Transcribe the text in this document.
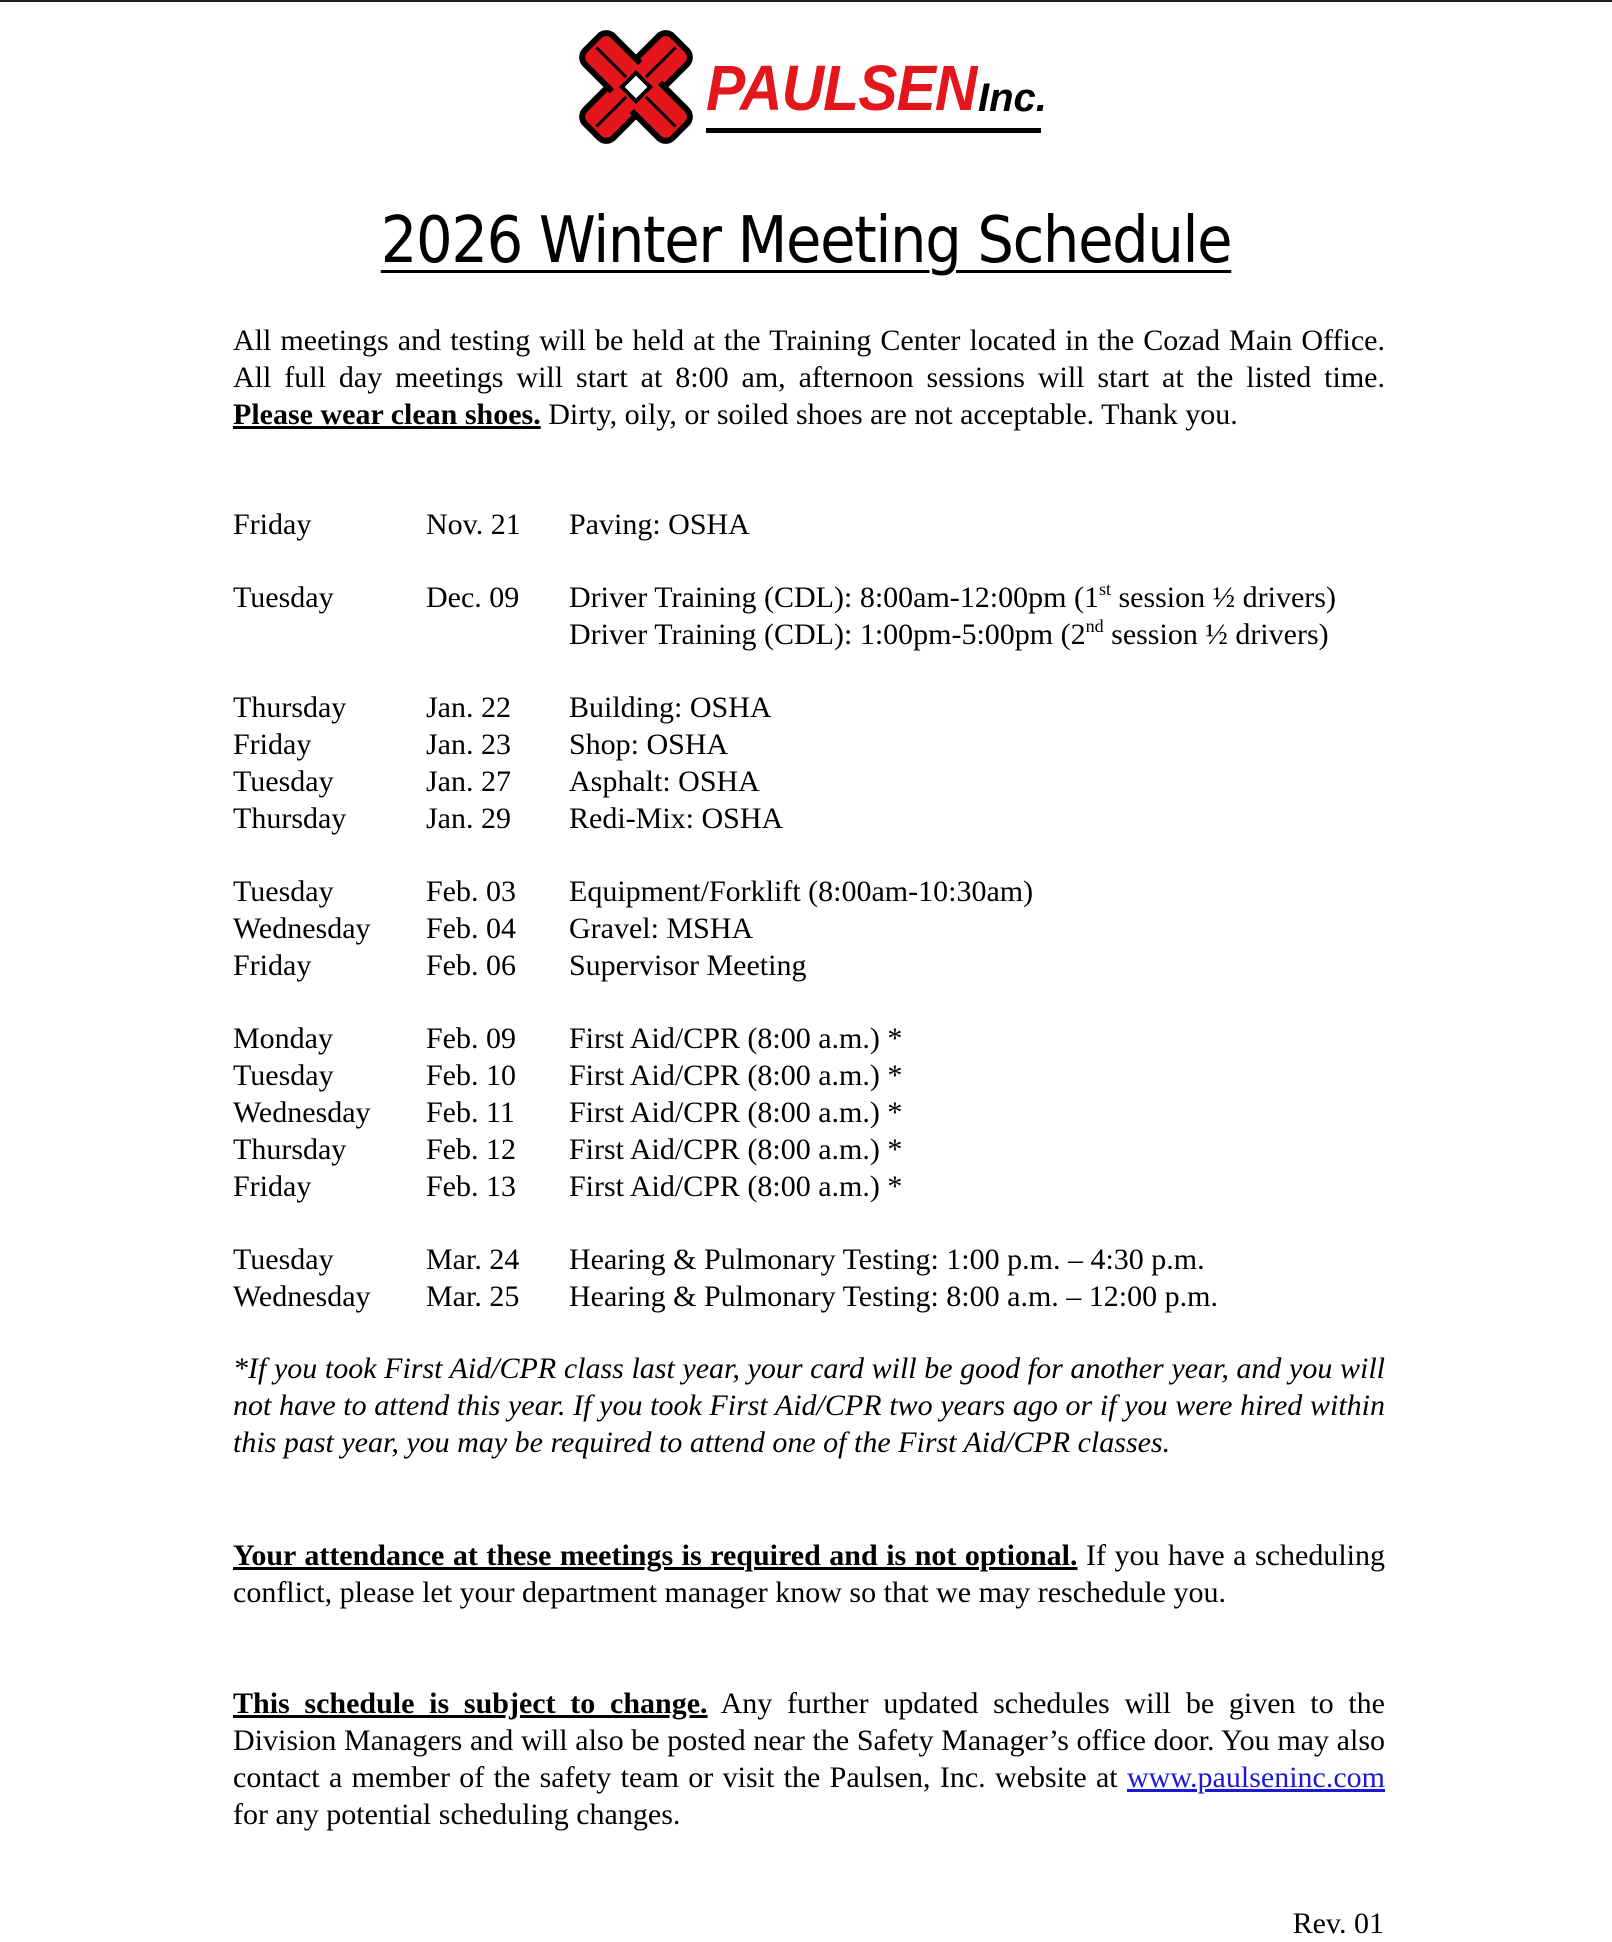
PAULSEN Inc.
2026 Winter Meeting Schedule

All meetings and testing will be held at the Training Center located in the Cozad Main Office. All full day meetings will start at 8:00 am, afternoon sessions will start at the listed time. Please wear clean shoes. Dirty, oily, or soiled shoes are not acceptable. Thank you.

Friday	Nov. 21	Paving: OSHA
Tuesday	Dec. 09	Driver Training (CDL): 8:00am-12:00pm (1st session ½ drivers)
Driver Training (CDL): 1:00pm-5:00pm (2nd session ½ drivers)
Thursday	Jan. 22	Building: OSHA
Friday	Jan. 23	Shop: OSHA
Tuesday	Jan. 27	Asphalt: OSHA
Thursday	Jan. 29	Redi-Mix: OSHA
Tuesday	Feb. 03	Equipment/Forklift (8:00am-10:30am)
Wednesday	Feb. 04	Gravel: MSHA
Friday	Feb. 06	Supervisor Meeting
Monday	Feb. 09	First Aid/CPR (8:00 a.m.) *
Tuesday	Feb. 10	First Aid/CPR (8:00 a.m.) *
Wednesday	Feb. 11	First Aid/CPR (8:00 a.m.) *
Thursday	Feb. 12	First Aid/CPR (8:00 a.m.) *
Friday	Feb. 13	First Aid/CPR (8:00 a.m.) *
Tuesday	Mar. 24	Hearing & Pulmonary Testing: 1:00 p.m. – 4:30 p.m.
Wednesday	Mar. 25	Hearing & Pulmonary Testing: 8:00 a.m. – 12:00 p.m.

*If you took First Aid/CPR class last year, your card will be good for another year, and you will not have to attend this year. If you took First Aid/CPR two years ago or if you were hired within this past year, you may be required to attend one of the First Aid/CPR classes.

Your attendance at these meetings is required and is not optional. If you have a scheduling conflict, please let your department manager know so that we may reschedule you.

This schedule is subject to change. Any further updated schedules will be given to the Division Managers and will also be posted near the Safety Manager’s office door. You may also contact a member of the safety team or visit the Paulsen, Inc. website at www.paulseninc.com for any potential scheduling changes.

Rev. 01
